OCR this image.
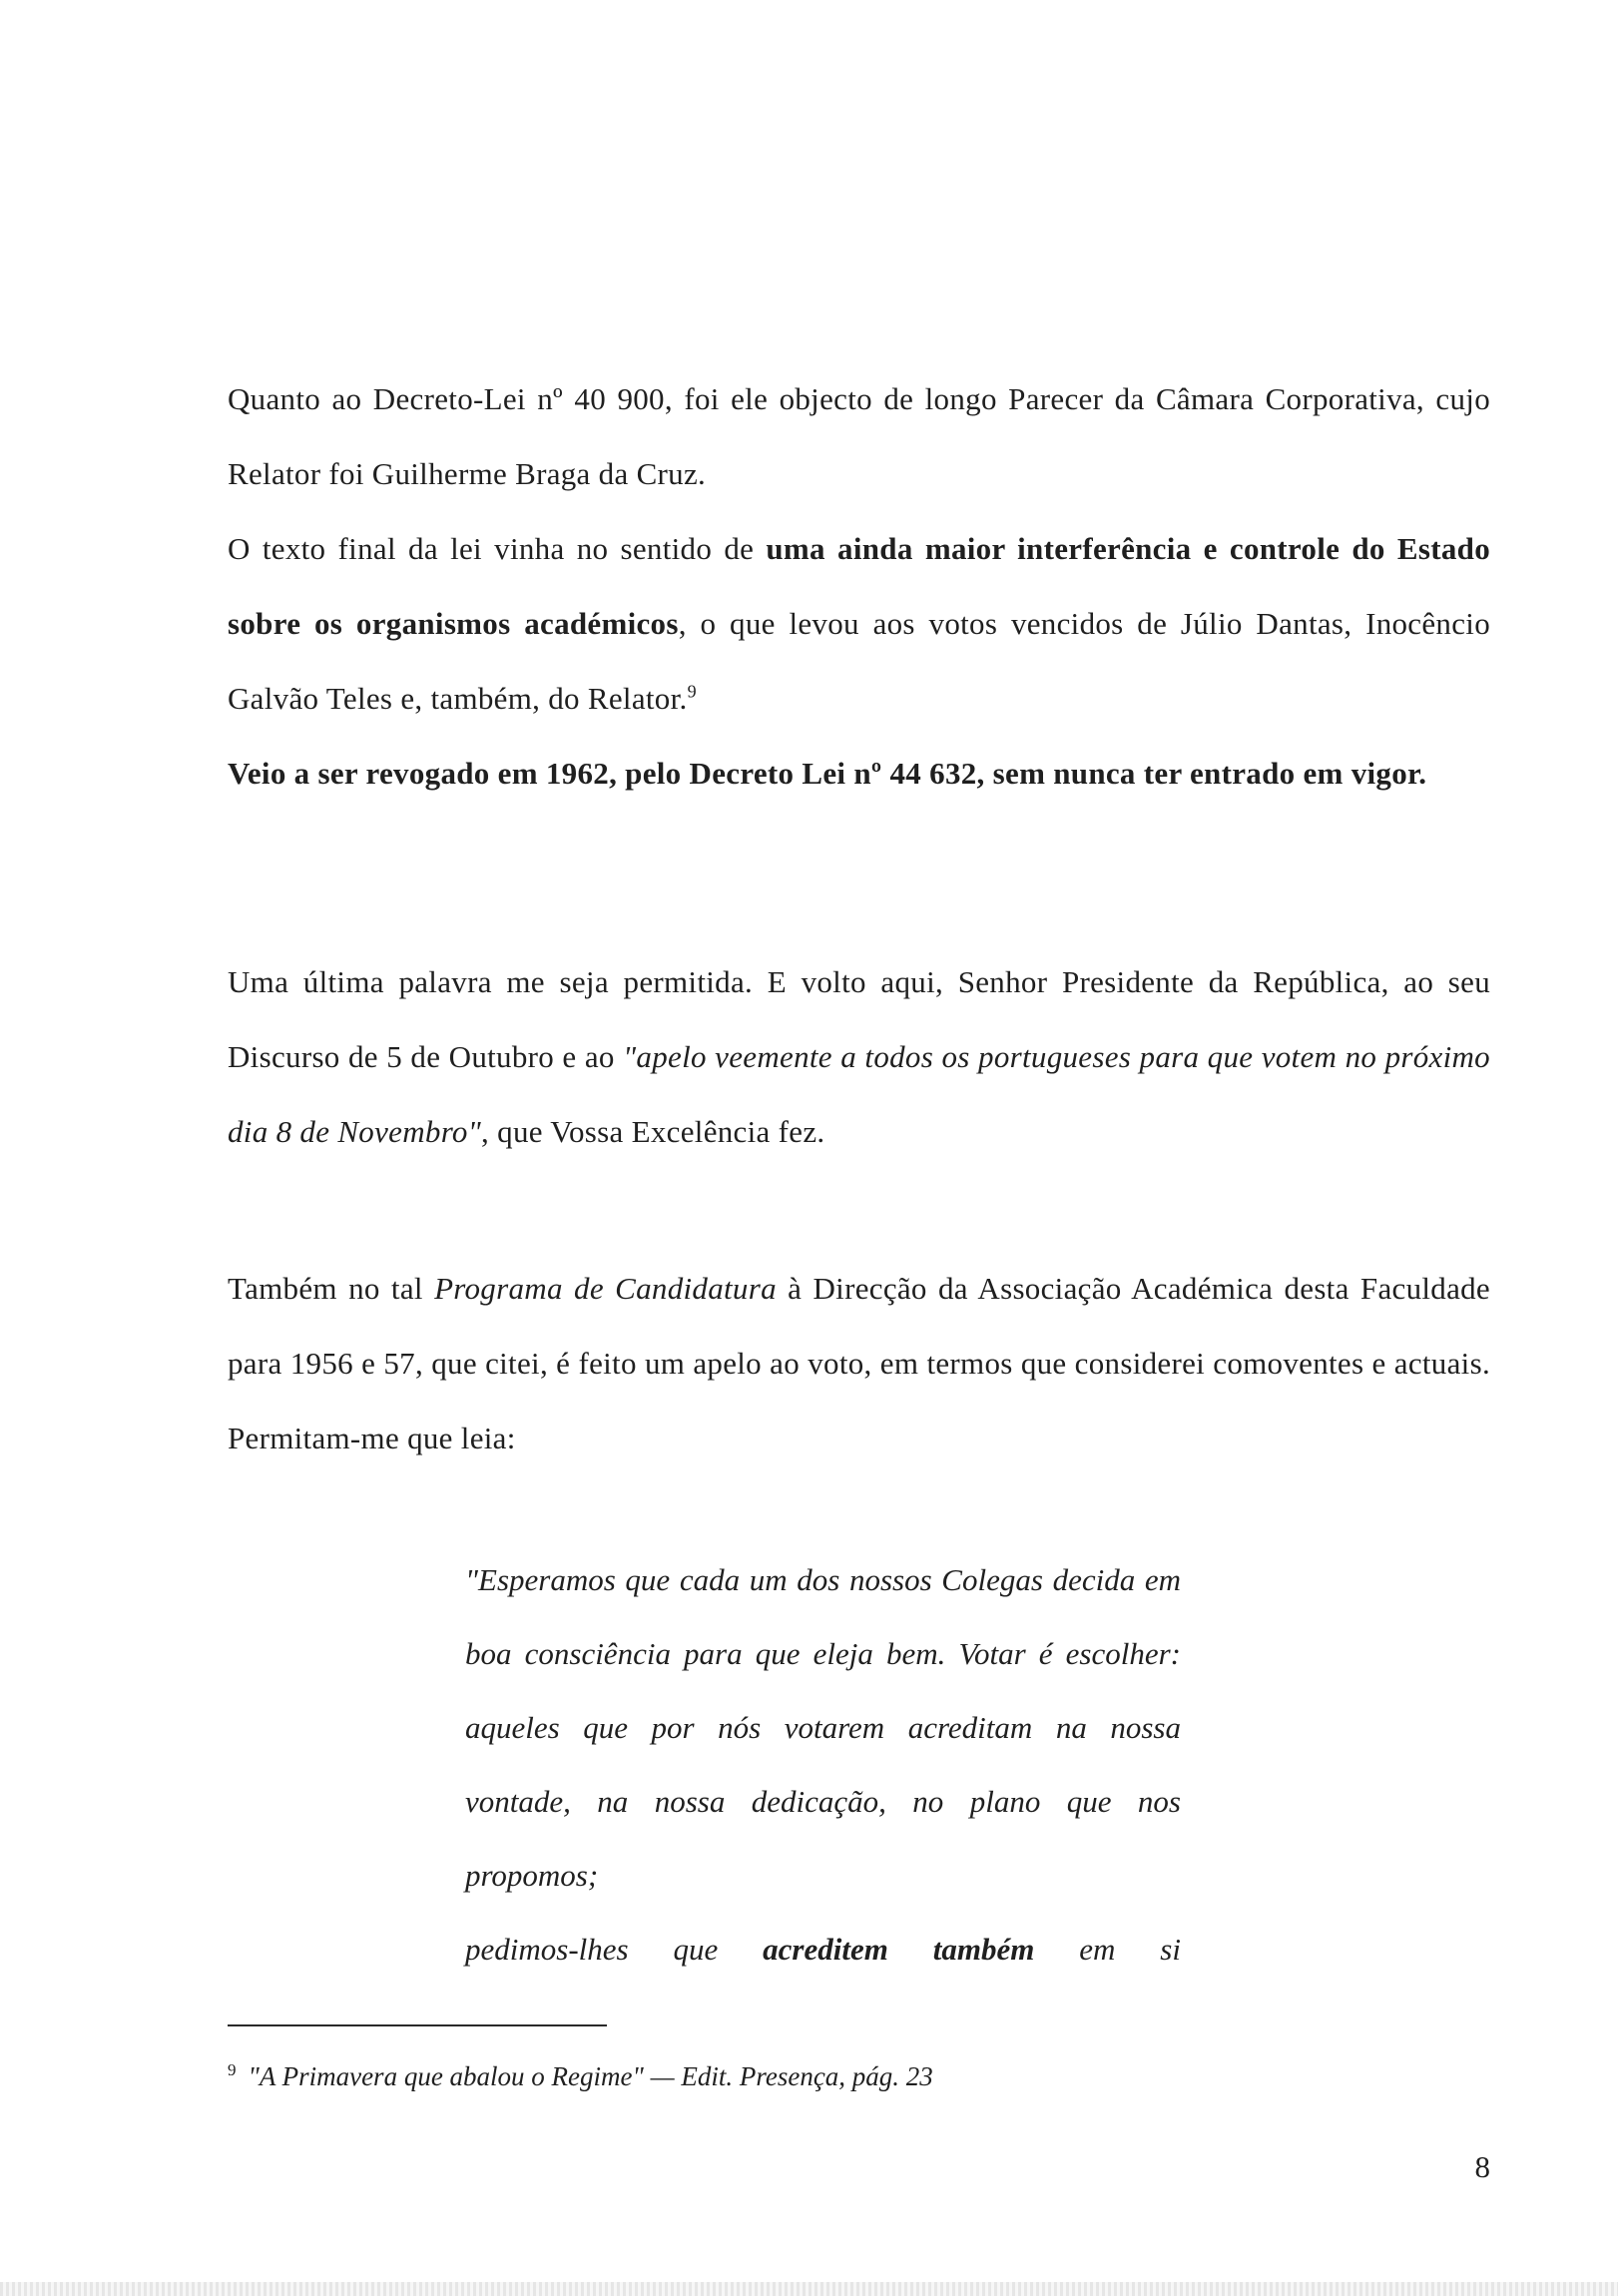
Quanto ao Decreto-Lei nº 40 900, foi ele objecto de longo Parecer da Câmara Corporativa, cujo Relator foi Guilherme Braga da Cruz.

O texto final da lei vinha no sentido de uma ainda maior interferência e controle do Estado sobre os organismos académicos, o que levou aos votos vencidos de Júlio Dantas, Inocêncio Galvão Teles e, também, do Relator.$^9$

Veio a ser revogado em 1962, pelo Decreto Lei nº 44 632, sem nunca ter entrado em vigor.

Uma última palavra me seja permitida. E volto aqui, Senhor Presidente da República, ao seu Discurso de 5 de Outubro e ao "apelo veemente a todos os portugueses para que votem no próximo dia 8 de Novembro", que Vossa Excelência fez.

Também no tal Programa de Candidatura à Direcção da Associação Académica desta Faculdade para 1956 e 57, que citei, é feito um apelo ao voto, em termos que considerei comoventes e actuais. Permitam-me que leia:

"Esperamos que cada um dos nossos Colegas decida em boa consciência para que eleja bem. Votar é escolher: aqueles que por nós votarem acreditam na nossa vontade, na nossa dedicação, no plano que nos propomos;

pedimos-lhes que acreditem também em si

$^9$ "A Primavera que abalou o Regime" — Edit. Presença, pág. 23
8
